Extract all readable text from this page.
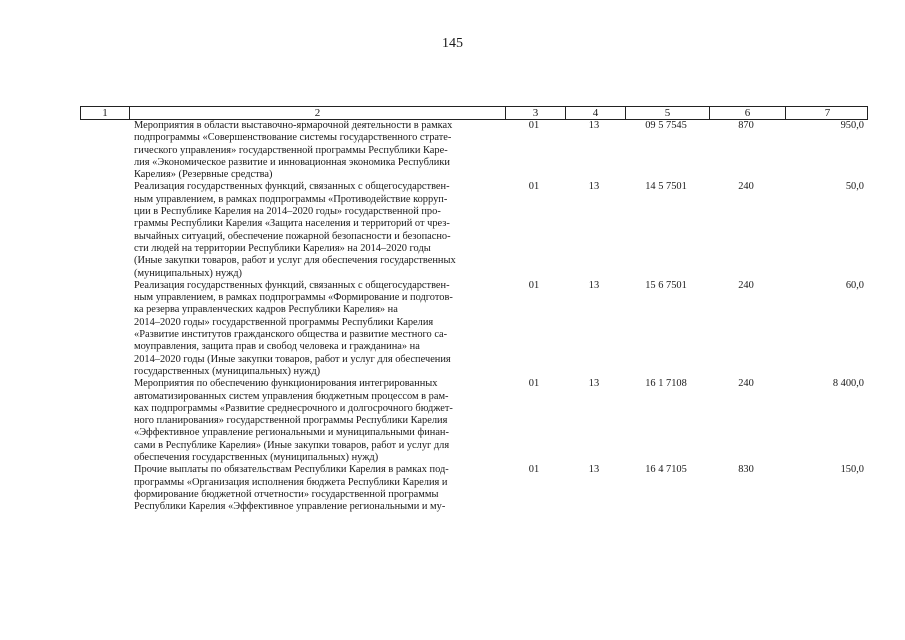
145
1	2	3	4	5	6	7
Мероприятия в области выставочно-ярмарочной деятельности в рамках
подпрограммы «Совершенствование системы государственного страте-
гического управления» государственной программы Республики Каре-
лия «Экономическое развитие и инновационная экономика Республики
Карелия» (Резервные средства)
01	13	09 5 7545	870	950,0
Реализация государственных функций, связанных с общегосударствен-
ным управлением, в рамках подпрограммы «Противодействие корруп-
ции в Республике Карелия на 2014–2020 годы» государственной про-
граммы Республики Карелия «Защита населения и территорий от чрез-
вычайных ситуаций, обеспечение пожарной безопасности и безопасно-
сти людей на территории Республики Карелия» на 2014–2020 годы
(Иные закупки товаров, работ и услуг для обеспечения государственных
(муниципальных) нужд)
01	13	14 5 7501	240	50,0
Реализация государственных функций, связанных с общегосударствен-
ным управлением, в рамках подпрограммы «Формирование и подготов-
ка резерва управленческих кадров Республики Карелия» на
2014–2020 годы» государственной программы Республики Карелия
«Развитие институтов гражданского общества и развитие местного са-
моуправления, защита прав и свобод человека и гражданина» на
2014–2020 годы (Иные закупки товаров, работ и услуг для обеспечения
государственных (муниципальных) нужд)
01	13	15 6 7501	240	60,0
Мероприятия по обеспечению функционирования интегрированных
автоматизированных систем управления бюджетным процессом в рам-
ках подпрограммы «Развитие среднесрочного и долгосрочного бюджет-
ного планирования» государственной программы Республики Карелия
«Эффективное управление региональными и муниципальными финан-
сами в Республике Карелия» (Иные закупки товаров, работ и услуг для
обеспечения государственных (муниципальных) нужд)
01	13	16 1 7108	240	8 400,0
Прочие выплаты по обязательствам Республики Карелия в рамках под-
программы «Организация исполнения бюджета Республики Карелия и
формирование бюджетной отчетности» государственной программы
Республики Карелия «Эффективное управление региональными и му-
01	13	16 4 7105	830	150,0
